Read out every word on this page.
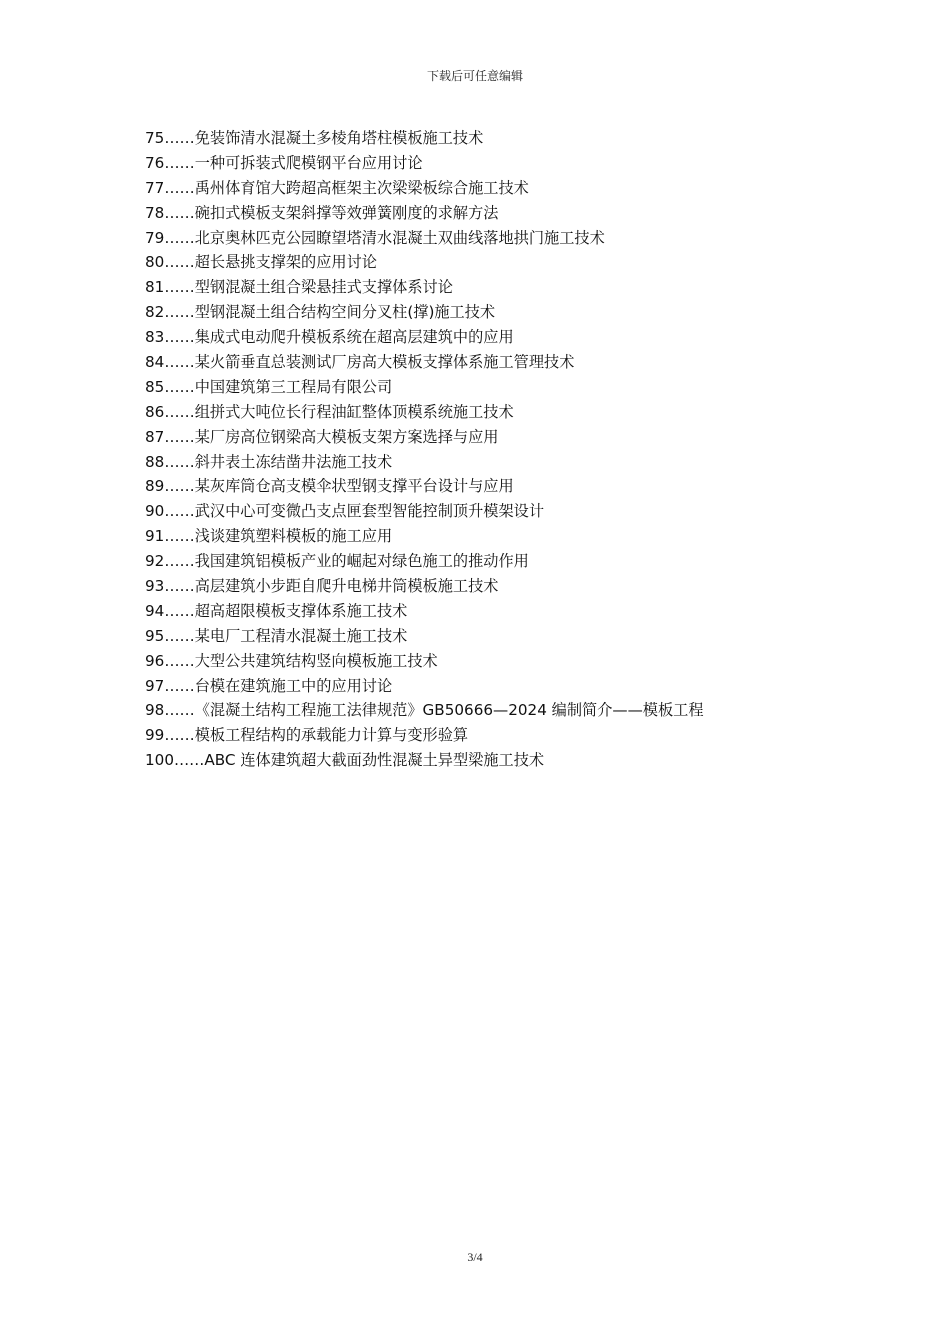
下载后可任意编辑
75……免装饰清水混凝土多棱角塔柱模板施工技术
76……一种可拆装式爬模钢平台应用讨论
77……禹州体育馆大跨超高框架主次梁梁板综合施工技术
78……碗扣式模板支架斜撑等效弹簧刚度的求解方法
79……北京奥林匹克公园瞭望塔清水混凝土双曲线落地拱门施工技术
80……超长悬挑支撑架的应用讨论
81……型钢混凝土组合梁悬挂式支撑体系讨论
82……型钢混凝土组合结构空间分叉柱(撑)施工技术
83……集成式电动爬升模板系统在超高层建筑中的应用
84……某火箭垂直总装测试厂房高大模板支撑体系施工管理技术
85……中国建筑第三工程局有限公司
86……组拼式大吨位长行程油缸整体顶模系统施工技术
87……某厂房高位钢梁高大模板支架方案选择与应用
88……斜井表土冻结凿井法施工技术
89……某灰库筒仓高支模伞状型钢支撑平台设计与应用
90……武汉中心可变微凸支点匣套型智能控制顶升模架设计
91……浅谈建筑塑料模板的施工应用
92……我国建筑铝模板产业的崛起对绿色施工的推动作用
93……高层建筑小步距自爬升电梯井筒模板施工技术
94……超高超限模板支撑体系施工技术
95……某电厂工程清水混凝土施工技术
96……大型公共建筑结构竖向模板施工技术
97……台模在建筑施工中的应用讨论
98……《混凝土结构工程施工法律规范》GB50666—2024 编制简介——模板工程
99……模板工程结构的承载能力计算与变形验算
100……ABC 连体建筑超大截面劲性混凝土异型梁施工技术
3/4
